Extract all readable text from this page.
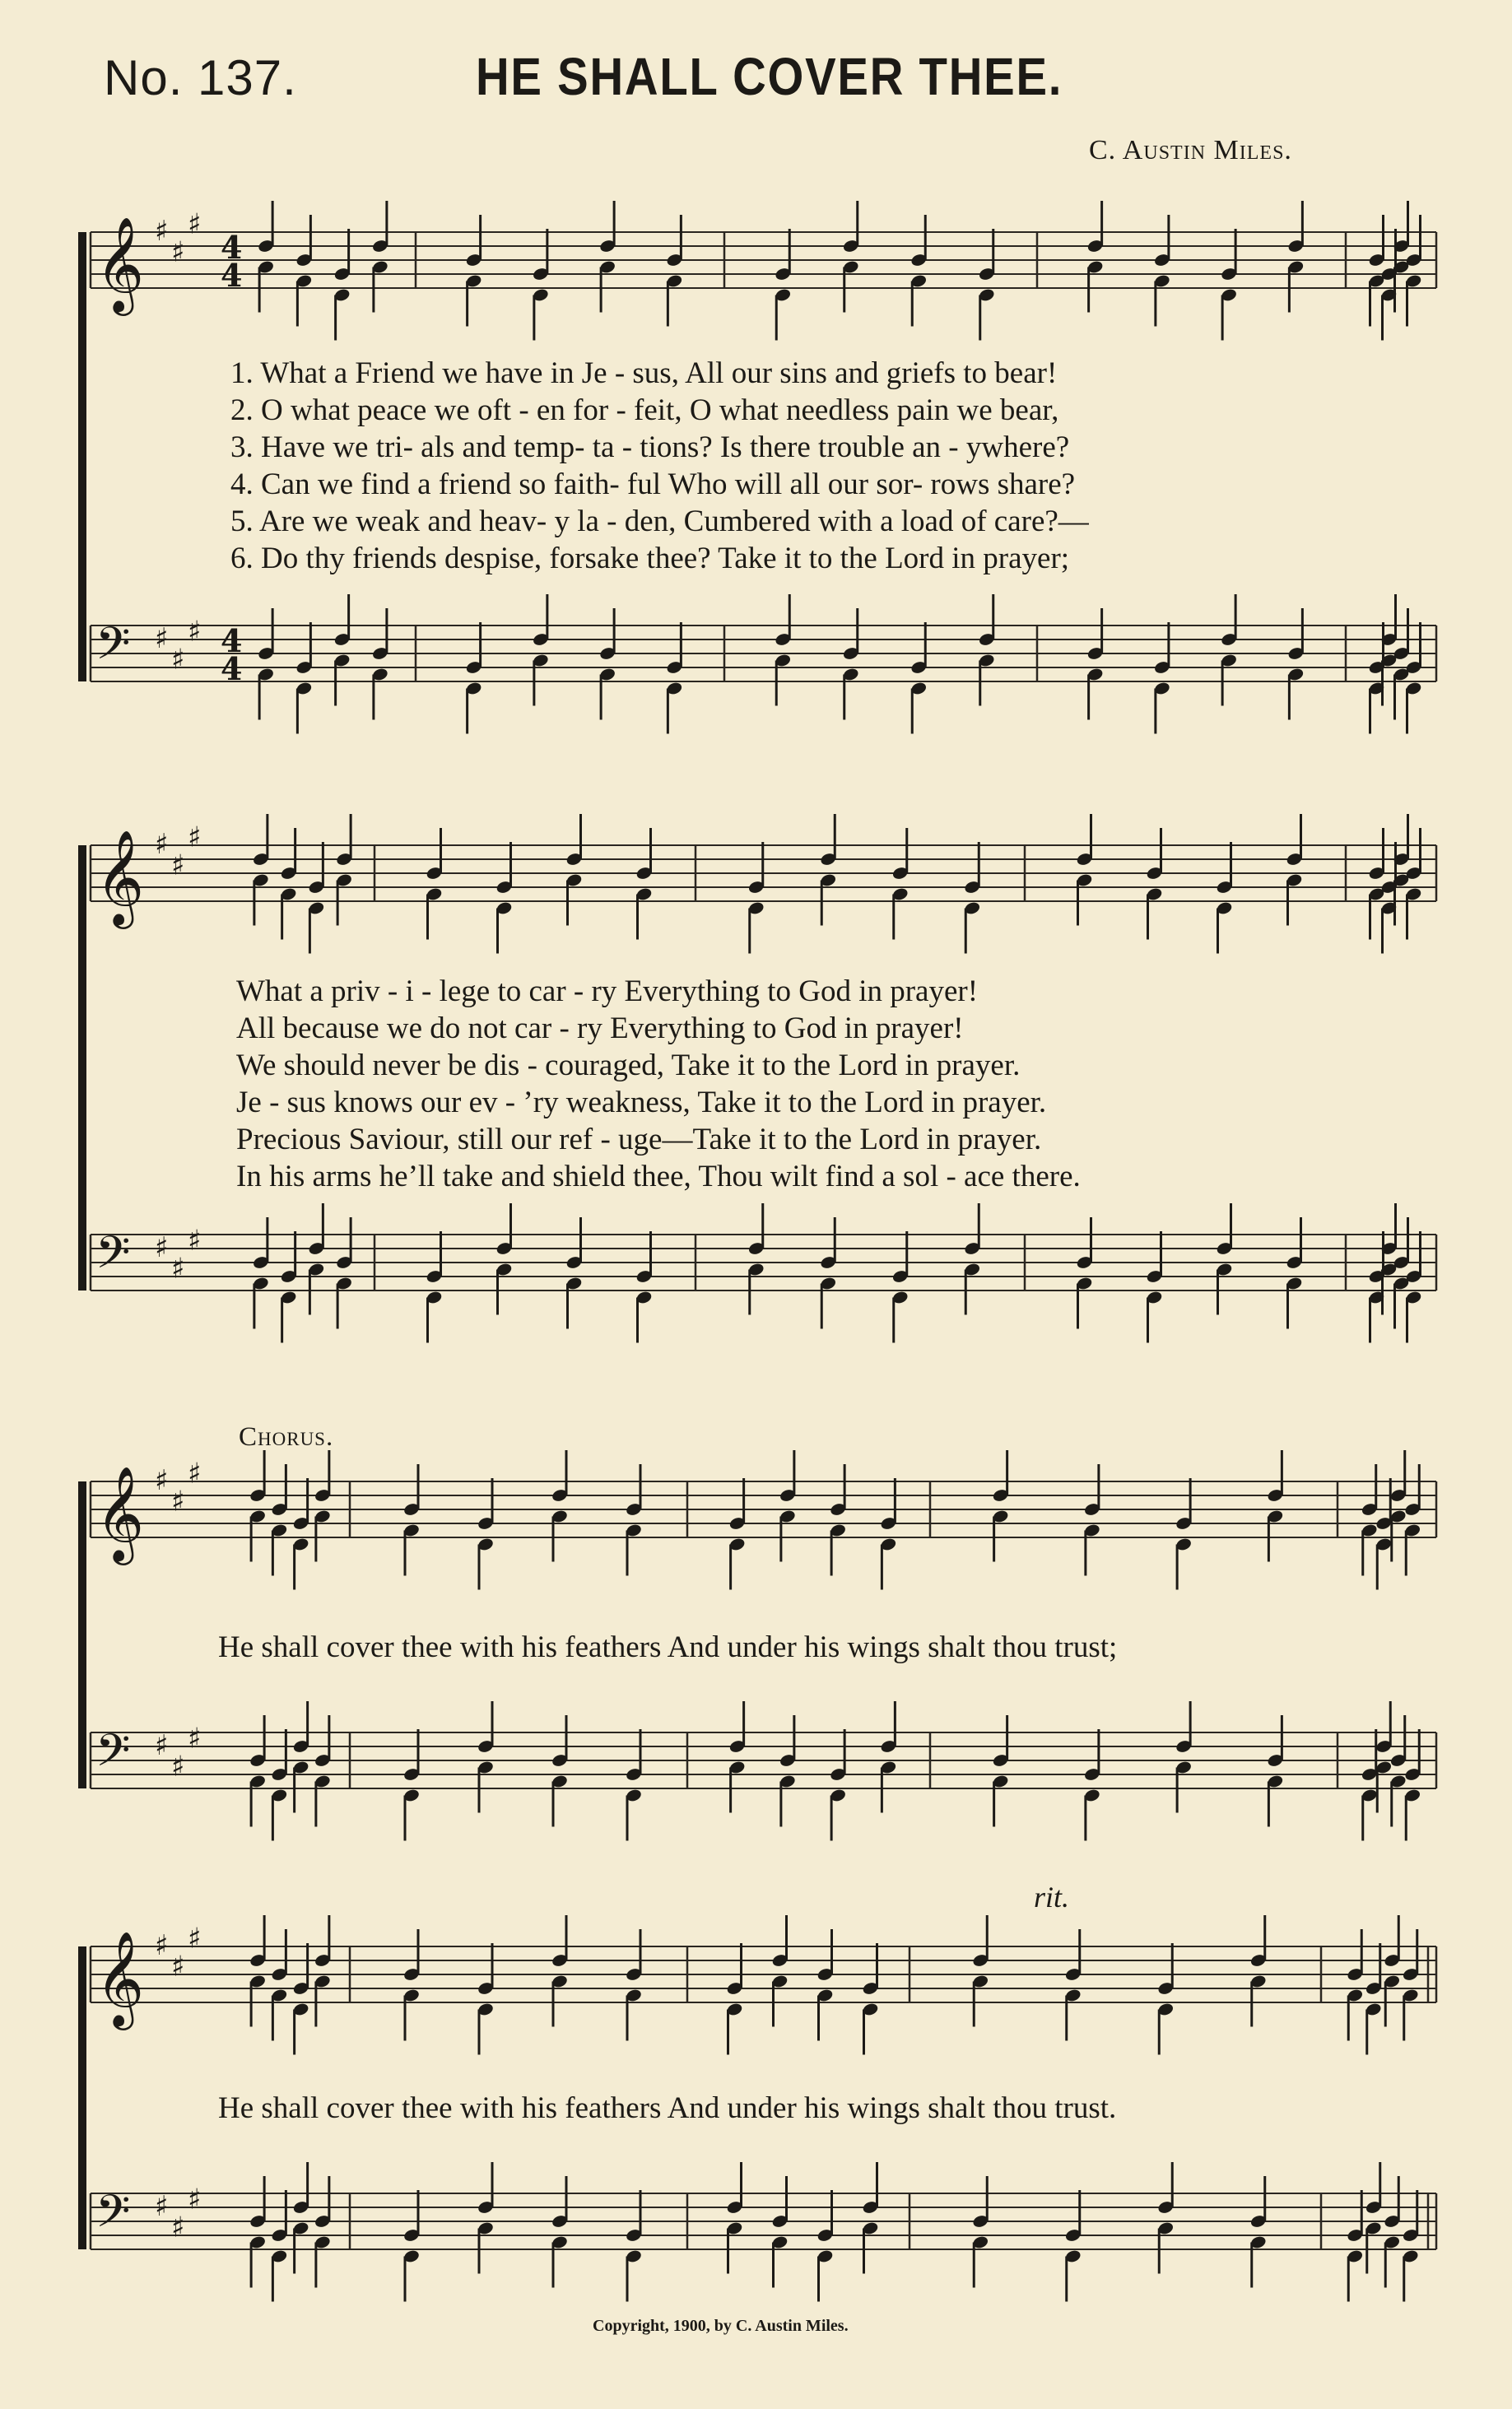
No. 137.	HE SHALL COVER THEE.
C. Austin Miles.
𝄞 ♯
♯
♯
𝄢 ♯
♯
♯
𝄞 ♯
♯
♯
𝄢 ♯
♯
♯
𝄞 ♯
♯
♯
𝄢 ♯
♯
♯
𝄞 ♯
♯
♯
𝄢 ♯
♯
♯
4
4
4
4
1. What a Friend we have in Je - sus, All our sins and griefs to bear!
2. O what peace we oft - en for - feit, O what needless pain we bear,
3. Have we tri- als and temp- ta - tions? Is there trouble an - ywhere?
4. Can we find a friend so faith- ful Who will all our sor- rows share?
5. Are we weak and heav- y la - den, Cumbered with a load of care?—
6. Do thy friends despise, forsake thee? Take it to the Lord in prayer;
What a priv - i - lege to car - ry Everything to God in prayer!
All because we do not car - ry Everything to God in prayer!
We should never be dis - couraged, Take it to the Lord in prayer.
Je - sus knows our ev - ’ry weakness, Take it to the Lord in prayer.
Precious Saviour, still our ref - uge—Take it to the Lord in prayer.
In his arms he’ll take and shield thee, Thou wilt find a sol - ace there.
Chorus.
He shall cover thee with his feathers And under his wings shalt thou trust;
rit.
He shall cover thee with his feathers And under his wings shalt thou trust.
Copyright, 1900, by C. Austin Miles.
